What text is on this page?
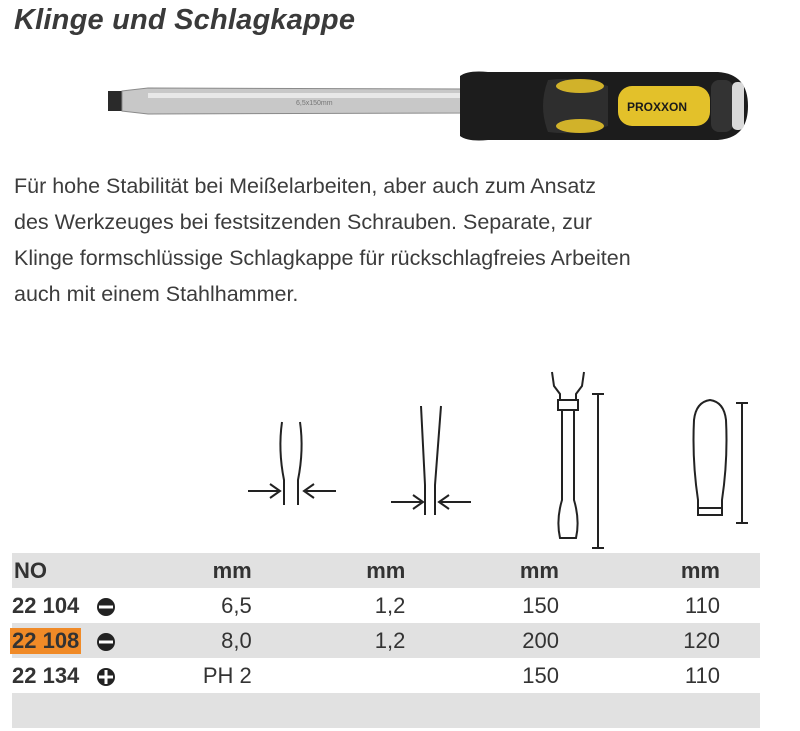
Klinge und Schlagkappe
6,5x150mm	PROXXON
Für hohe Stabilität bei Meißelarbeiten, aber auch zum Ansatz
des Werkzeuges bei festsitzenden Schrauben. Separate, zur
Klinge formschlüssige Schlagkappe für rückschlagfreies Arbeiten
auch mit einem Stahlhammer.
NO		mm	mm	mm	mm
22 104		6,5	1,2	150	110
22 108		8,0	1,2	200	120
22 134		PH 2		150	110
